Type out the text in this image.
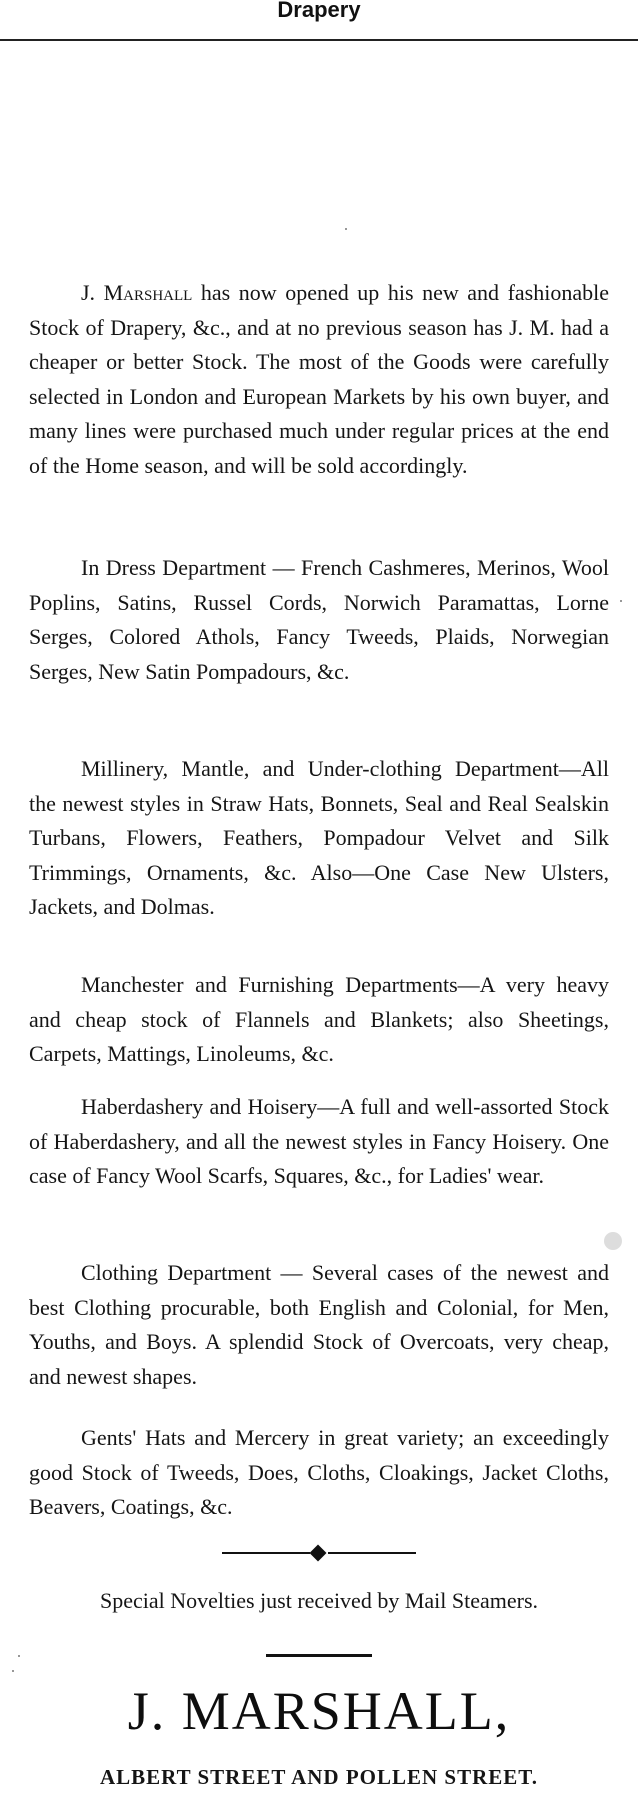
Drapery

J. Marshall has now opened up his new and fashionable Stock of Drapery, &c., and at no previous season has J. M. had a cheaper or better Stock. The most of the Goods were carefully selected in London and European Markets by his own buyer, and many lines were purchased much under regular prices at the end of the Home season, and will be sold accordingly.

In Dress Department — French Cashmeres, Merinos, Wool Poplins, Satins, Russel Cords, Norwich Paramattas, Lorne Serges, Colored Athols, Fancy Tweeds, Plaids, Norwegian Serges, New Satin Pompadours, &c.

Millinery, Mantle, and Under-clothing Department—All the newest styles in Straw Hats, Bonnets, Seal and Real Sealskin Turbans, Flowers, Feathers, Pompadour Velvet and Silk Trimmings, Ornaments, &c. Also—One Case New Ulsters, Jackets, and Dolmas.

Manchester and Furnishing Departments—A very heavy and cheap stock of Flannels and Blankets; also Sheetings, Carpets, Mattings, Linoleums, &c.

Haberdashery and Hoisery—A full and well-assorted Stock of Haberdashery, and all the newest styles in Fancy Hoisery. One case of Fancy Wool Scarfs, Squares, &c., for Ladies' wear.

Clothing Department — Several cases of the newest and best Clothing procurable, both English and Colonial, for Men, Youths, and Boys. A splendid Stock of Overcoats, very cheap, and newest shapes.

Gents' Hats and Mercery in great variety; an exceedingly good Stock of Tweeds, Does, Cloths, Cloakings, Jacket Cloths, Beavers, Coatings, &c.

Special Novelties just received by Mail Steamers.

J. MARSHALL,

ALBERT STREET AND POLLEN STREET.
